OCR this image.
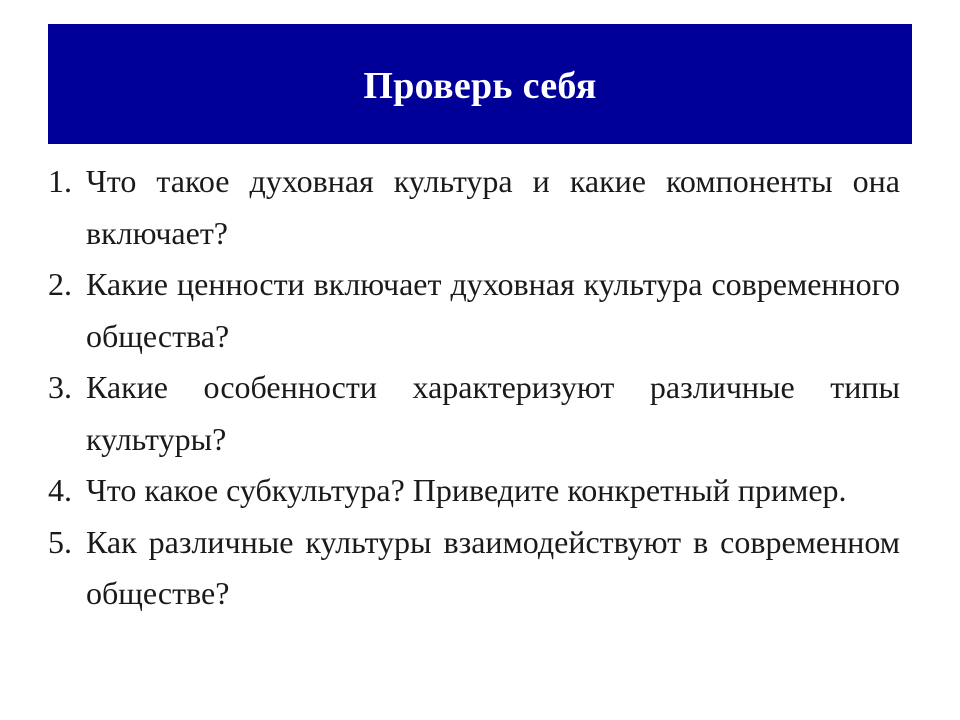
Проверь себя
1. Что такое духовная культура и какие компоненты она включает?
2. Какие ценности включает духовная культура современного общества?
3. Какие особенности характеризуют различные типы культуры?
4. Что какое субкультура? Приведите конкретный пример.
5. Как различные культуры взаимодействуют в современном обществе?
